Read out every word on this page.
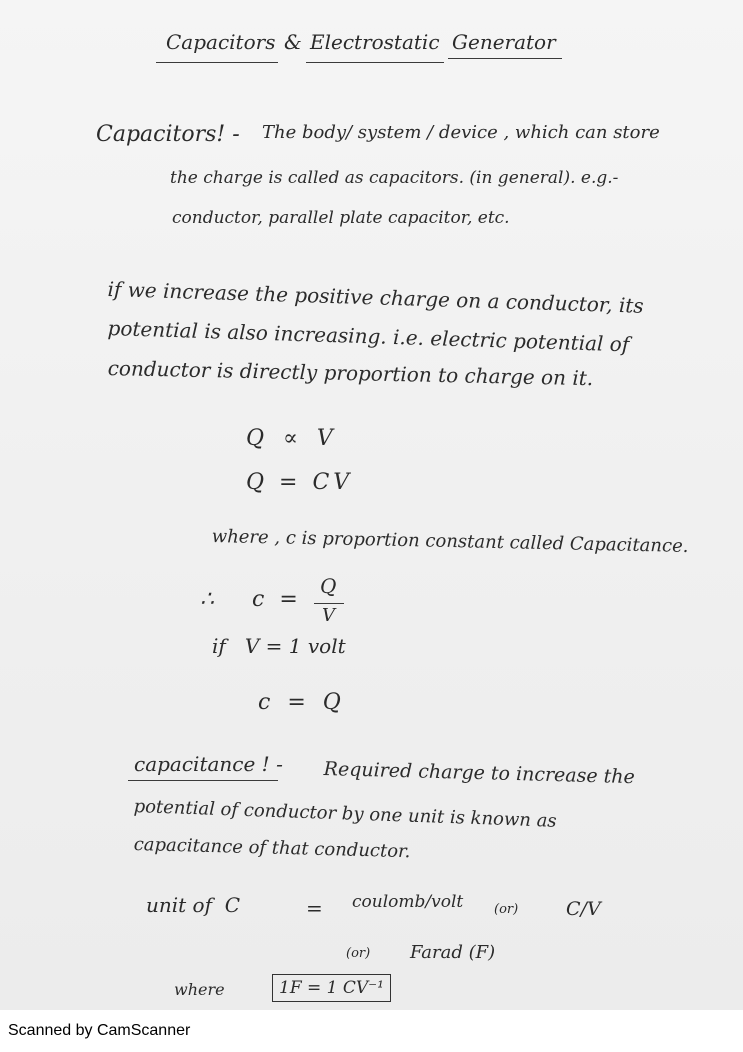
Capacitors & Electrostatic Generator
Capacitors! - The body/ system / device , which can store
the charge is called as capacitors. (in general). e.g.-
conductor, parallel plate capacitor, etc.
if we increase the positive charge on a conductor, its
potential is also increasing. i.e. electric potential of
conductor is directly proportion to charge on it.
Q ∝ V
Q = CV
where , c is proportion constant called Capacitance.
∴ c =
Q
V
if   V = 1 volt
c = Q
capacitance ! - Required charge to increase the
potential of conductor by one unit is known as
capacitance of that conductor.
unit of  C	= coulomb/volt (or)	C/V
(or) Farad (F)
where	1F = 1 CV⁻¹
Scanned by CamScanner
